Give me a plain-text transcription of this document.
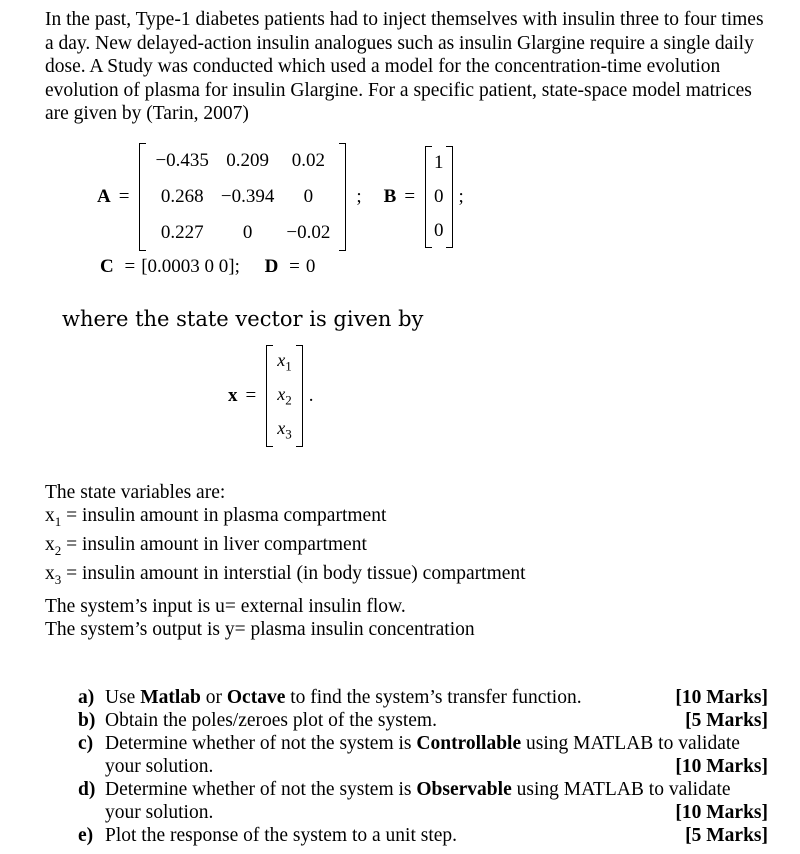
In the past, Type-1 diabetes patients had to inject themselves with insulin three to four times a day. New delayed-action insulin analogues such as insulin Glargine require a single daily dose. A Study was conducted which used a model for the concentration-time evolution evolution of plasma for insulin Glargine. For a specific patient, state-space model matrices are given by (Tarin, 2007)
A =
−0.435	0.209	0.02
0.268	−0.394	0
0.227	0	−0.02
; B =
1
0
0
;
C = [0.0003 0 0]; D = 0
where the state vector is given by
x =
$x_1$
$x_2$
$x_3$
.
The state variables are:
$x_1$ = insulin amount in plasma compartment
$x_2$ = insulin amount in liver compartment
$x_3$ = insulin amount in interstial (in body tissue) compartment
The system’s input is u= external insulin flow.
The system’s output is y= plasma insulin concentration
a)	[10 Marks]
Use Matlab or Octave to find the system’s transfer function.
b)	[5 Marks]
Obtain the poles/zeroes plot of the system.
c) Determine whether of not the system is Controllable using MATLAB to validate
your solution.	[10 Marks]
d) Determine whether of not the system is Observable using MATLAB to validate
your solution.	[10 Marks]
e)	[5 Marks]
Plot the response of the system to a unit step.
